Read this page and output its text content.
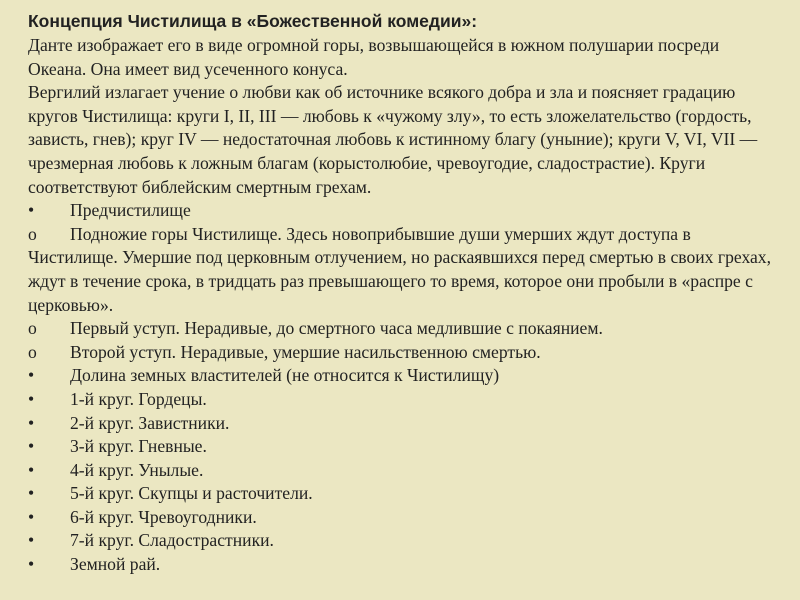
Концепция Чистилища в «Божественной комедии»:

Данте изображает его в виде огромной горы, возвышающейся в южном полушарии посреди Океана. Она имеет вид усеченного конуса.

Вергилий излагает учение о любви как об источнике всякого добра и зла и поясняет градацию кругов Чистилища: круги I, II, III — любовь к «чужому злу», то есть зложелательство (гордость, зависть, гнев); круг IV — недостаточная любовь к истинному благу (уныние); круги V, VI, VII — чрезмерная любовь к ложным благам (корыстолюбие, чревоугодие, сладострастие). Круги соответствуют библейским смертным грехам.

•	Предчистилище
o Подножие горы Чистилище. Здесь новоприбывшие души умерших ждут доступа в Чистилище. Умершие под церковным отлучением, но раскаявшихся перед смертью в своих грехах, ждут в течение срока, в тридцать раз превышающего то время, которое они пробыли в «распре с церковью».
o	Первый уступ. Нерадивые, до смертного часа медлившие с покаянием.
o	Второй уступ. Нерадивые, умершие насильственною смертью.
•	Долина земных властителей (не относится к Чистилищу)
•	1-й круг. Гордецы.
•	2-й круг. Завистники.
•	3-й круг. Гневные.
•	4-й круг. Унылые.
•	5-й круг. Скупцы и расточители.
•	6-й круг. Чревоугодники.
•	7-й круг. Сладострастники.
•	Земной рай.
